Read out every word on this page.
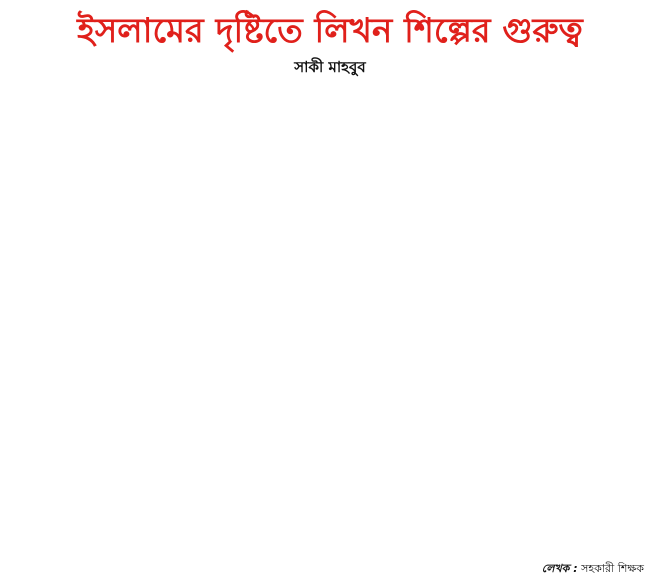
ইসলামের দৃষ্টিতে লিখন শিল্পের গুরুত্ব
সাকী মাহবুব
লেখক : সহকারী শিক্ষক
